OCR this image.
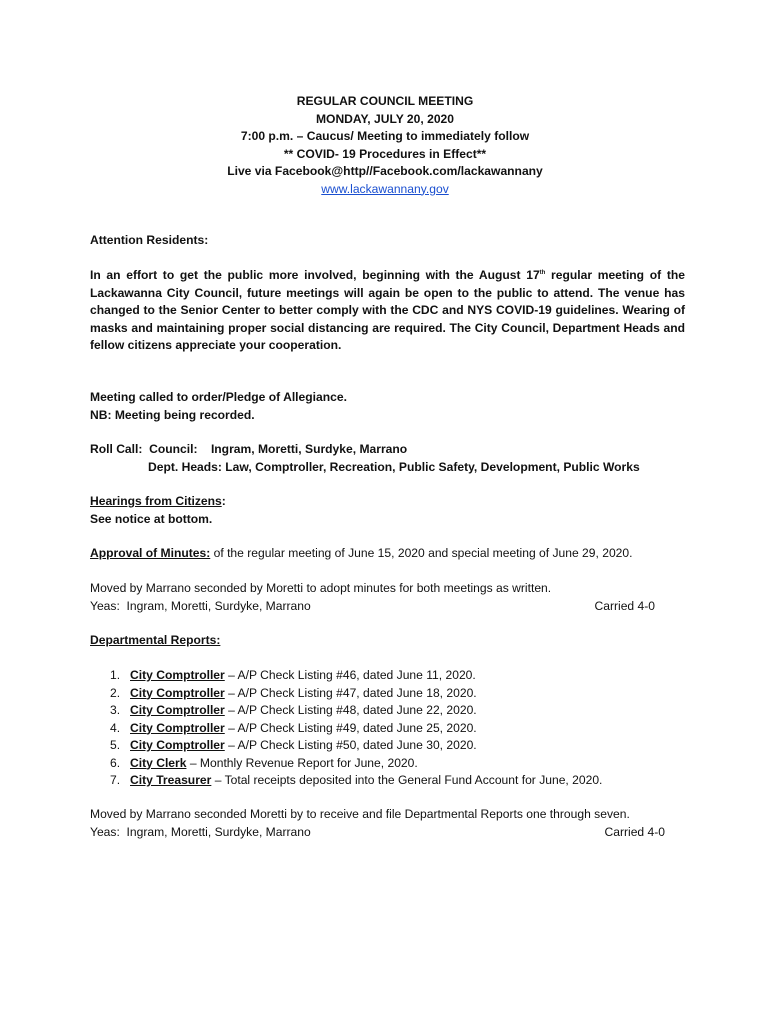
REGULAR COUNCIL MEETING
MONDAY, JULY 20, 2020
7:00 p.m. – Caucus/ Meeting to immediately follow
** COVID- 19 Procedures in Effect**
Live via Facebook@http//Facebook.com/lackawannany
www.lackawannany.gov
Attention Residents:
In an effort to get the public more involved, beginning with the August 17th regular meeting of the Lackawanna City Council, future meetings will again be open to the public to attend. The venue has changed to the Senior Center to better comply with the CDC and NYS COVID-19 guidelines. Wearing of masks and maintaining proper social distancing are required. The City Council, Department Heads and fellow citizens appreciate your cooperation.
Meeting called to order/Pledge of Allegiance.
NB: Meeting being recorded.
Roll Call:  Council:    Ingram, Moretti, Surdyke, Marrano
Dept. Heads: Law, Comptroller, Recreation, Public Safety, Development, Public Works
Hearings from Citizens:
See notice at bottom.
Approval of Minutes: of the regular meeting of June 15, 2020 and special meeting of June 29, 2020.
Moved by Marrano seconded by Moretti to adopt minutes for both meetings as written.
Yeas:  Ingram, Moretti, Surdyke, Marrano	Carried 4-0
Departmental Reports:
1. City Comptroller – A/P Check Listing #46, dated June 11, 2020.
2. City Comptroller – A/P Check Listing #47, dated June 18, 2020.
3. City Comptroller – A/P Check Listing #48, dated June 22, 2020.
4. City Comptroller – A/P Check Listing #49, dated June 25, 2020.
5. City Comptroller – A/P Check Listing #50, dated June 30, 2020.
6. City Clerk – Monthly Revenue Report for June, 2020.
7. City Treasurer – Total receipts deposited into the General Fund Account for June, 2020.
Moved by Marrano seconded Moretti by to receive and file Departmental Reports one through seven.
Yeas:  Ingram, Moretti, Surdyke, Marrano	Carried 4-0
